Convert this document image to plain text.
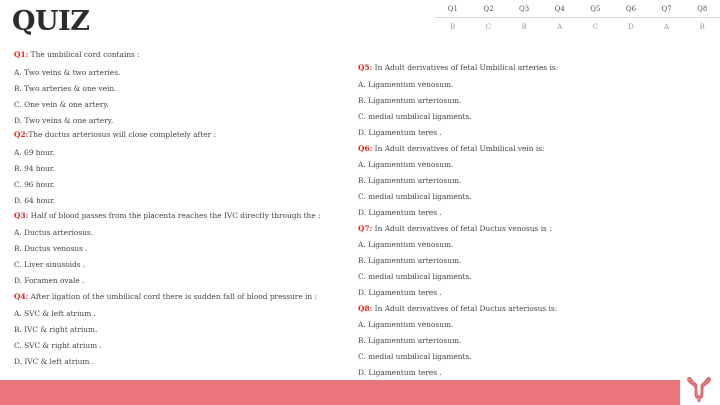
QUIZ	Q1	Q2	Q3	Q4	Q5	Q6	Q7	Q8
B	C	B	A	C	D	A	B
Q1: The umbilical cord contains :
A. Two veins & two arteries.
B. Two arteries & one vein.
C. One vein & one artery.
D. Two veins & one artery.
Q2:The ductus arteriosus will close completely after :
A. 69 hour.
B. 94 hour.
C. 96 hour.
D. 64 hour.
Q3: Half of blood passes from the placenta reaches the IVC directly through the :
A. Ductus arteriosus.
B. Ductus venosus .
C. Liver sinusoids .
D. Foramen ovale .
Q4: After ligation of the umbilical cord there is sudden fall of blood pressure in :
A. SVC & left atrium .
B. IVC & right atrium.
C. SVC & right atrium .
D. IVC & left atrium .
Q5: In Adult derivatives of fetal Umbilical arteries is:
A. Ligamentum venosum.
B. Ligamentum arteriosum.
C. medial umbilical ligaments.
D. Ligamentum teres .
Q6: In Adult derivatives of fetal Umbilical vein is:
A. Ligamentum venosum.
B. Ligamentum arteriosum.
C. medial umbilical ligaments.
D. Ligamentum teres .
Q7: In Adult derivatives of fetal Ductus venosus is :
A. Ligamentum venosum.
B. Ligamentum arteriosum.
C. medial umbilical ligaments.
D. Ligamentum teres .
Q8: In Adult derivatives of fetal Ductus arteriosus is:
A. Ligamentum venosum.
B. Ligamentum arteriosum.
C. medial umbilical ligaments.
D. Ligamentum teres .
